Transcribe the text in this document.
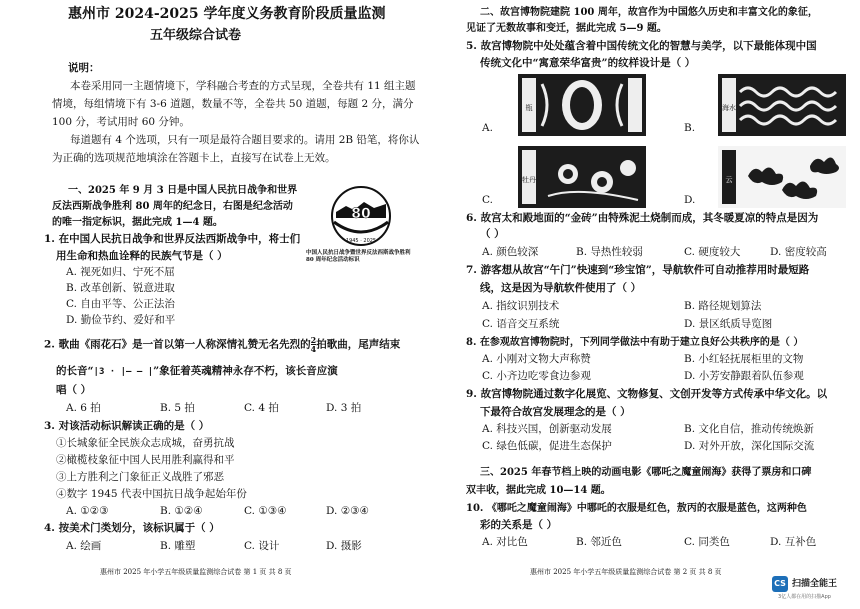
惠州市 2024-2025 学年度义务教育阶段质量监测
五年级综合试卷
说明：
本卷采用同一主题情境下，学科融合考查的方式呈现，全卷共有 11 组主题
情境，每组情境下有 3-6 道题，数量不等，全卷共 50 道题，每题 2 分，满分
100 分，考试用时 60 分钟。
每道题有 4 个选项，只有一项是最符合题目要求的。请用 2B 铅笔，将你认
为正确的选项规范地填涂在答题卡上，直接写在试卷上无效。
一、2025 年 9 月 3 日是中国人民抗日战争和世界
反法西斯战争胜利 80 周年的纪念日，右图是纪念活动
的唯一指定标识，据此完成 1—4 题。
80
1945 · 2025
中国人民抗日战争暨世界反法西斯战争胜利 80 周年纪念活动标识
1. 在中国人民抗日战争和世界反法西斯战争中，将士们
用生命和热血诠释的民族气节是（ ）
A. 视死如归、宁死不屈
B. 改革创新、锐意进取
C. 自由平等、公正法治
D. 勤俭节约、爱好和平
2. 歌曲《雨花石》是一首以第一人称深情礼赞无名先烈的 $\frac{2}{4}$ 拍歌曲，尾声结束
的长音“|3 · |— — |”象征着英魂精神永存不朽，该长音应演
唱（ ）
A. 6 拍	B. 5 拍	C. 4 拍	D. 3 拍
3. 对该活动标识解读正确的是（ ）
①长城象征全民族众志成城，奋勇抗战
②橄榄枝象征中国人民用胜利赢得和平
③上方胜利之门象征正义战胜了邪恶
④数字 1945 代表中国抗日战争起始年份
A. ①②③	B. ①②④	C. ①③④	D. ②③④
4. 按美术门类划分，该标识属于（ ）
A. 绘画	B. 雕塑	C. 设计	D. 摄影
惠州市 2025 年小学五年级质量监测综合试卷 第 1 页 共 8 页
二、故宫博物院建院 100 周年，故宫作为中国悠久历史和丰富文化的象征，
见证了无数故事和变迁，据此完成 5—9 题。
5. 故宫博物院中处处蕴含着中国传统文化的智慧与美学，以下最能体现中国
传统文化中“寓意荣华富贵”的纹样设计是（ ）
A.
瓶
B.
海水
C.
牡丹
D.
云
6. 故宫太和殿地面的“金砖”由特殊泥土烧制而成，其冬暖夏凉的特点是因为
（ ）
A. 颜色较深	B. 导热性较弱	C. 硬度较大	D. 密度较高
7. 游客想从故宫“午门”快速到“珍宝馆”，导航软件可自动推荐用时最短路
线，这是因为导航软件使用了（ ）
A. 指纹识别技术	B. 路径规划算法
C. 语音交互系统	D. 景区纸质导览图
8. 在参观故宫博物院时，下列同学做法中有助于建立良好公共秩序的是（ ）
A. 小刚对文物大声称赞	B. 小红轻抚展柜里的文物
C. 小齐边吃零食边参观	D. 小芳安静跟着队伍参观
9. 故宫博物院通过数字化展览、文物修复、文创开发等方式传承中华文化。以
下最符合故宫发展理念的是（ ）
A. 科技兴国，创新驱动发展	B. 文化自信，推动传统焕新
C. 绿色低碳，促进生态保护	D. 对外开放，深化国际交流
三、2025 年春节档上映的动画电影《哪吒之魔童闹海》获得了票房和口碑
双丰收，据此完成 10—14 题。
10. 《哪吒之魔童闹海》中哪吒的衣服是红色，敖丙的衣服是蓝色，这两种色
彩的关系是（ ）
A. 对比色	B. 邻近色	C. 同类色	D. 互补色
惠州市 2025 年小学五年级质量监测综合试卷 第 2 页 共 8 页
CS 扫描全能王
3亿人都在用的扫描App
